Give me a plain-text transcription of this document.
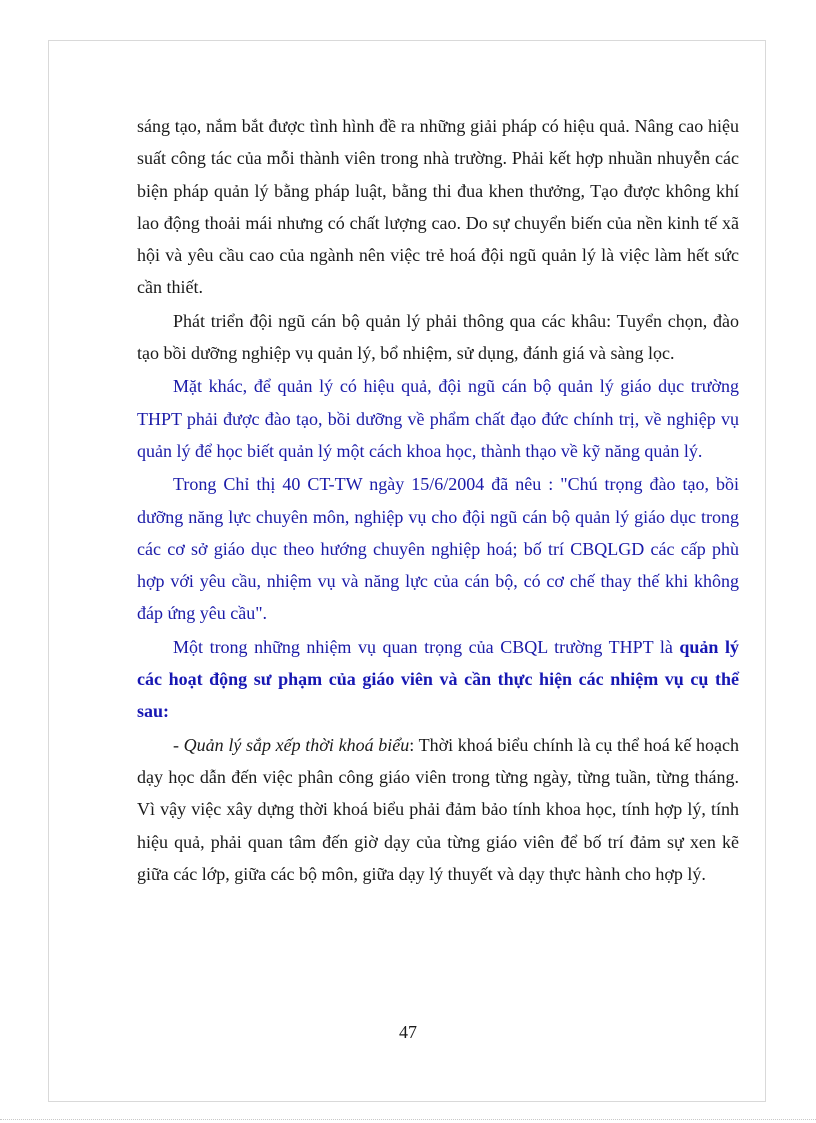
sáng tạo, nắm bắt được tình hình đề ra những giải pháp có hiệu quả. Nâng cao hiệu suất công tác của mỗi thành viên trong nhà trường. Phải kết hợp nhuần nhuyễn các biện pháp quản lý bằng pháp luật, bằng thi đua khen thưởng, Tạo được không khí lao động thoải mái nhưng có chất lượng cao. Do sự chuyển biến của nền kinh tế xã hội và yêu cầu cao của ngành nên việc trẻ hoá đội ngũ quản lý là việc làm hết sức cần thiết.

Phát triển đội ngũ cán bộ quản lý phải thông qua các khâu: Tuyển chọn, đào tạo bồi dưỡng nghiệp vụ quản lý, bổ nhiệm, sử dụng, đánh giá và sàng lọc.

Mặt khác, để quản lý có hiệu quả, đội ngũ cán bộ quản lý giáo dục trường THPT phải được đào tạo, bồi dưỡng về phẩm chất đạo đức chính trị, về nghiệp vụ quản lý để học biết quản lý một cách khoa học, thành thạo về kỹ năng quản lý.

Trong Chỉ thị 40 CT-TW ngày 15/6/2004 đã nêu : "Chú trọng đào tạo, bồi dưỡng năng lực chuyên môn, nghiệp vụ cho đội ngũ cán bộ quản lý giáo dục trong các cơ sở giáo dục theo hướng chuyên nghiệp hoá; bố trí CBQLGD các cấp phù hợp với yêu cầu, nhiệm vụ và năng lực của cán bộ, có cơ chế thay thế khi không đáp ứng yêu cầu".

Một trong những nhiệm vụ quan trọng của CBQL trường THPT là quản lý các hoạt động sư phạm của giáo viên và cần thực hiện các nhiệm vụ cụ thể sau:

- Quản lý sắp xếp thời khoá biểu: Thời khoá biểu chính là cụ thể hoá kế hoạch dạy học dẫn đến việc phân công giáo viên trong từng ngày, từng tuần, từng tháng. Vì vậy việc xây dựng thời khoá biểu phải đảm bảo tính khoa học, tính hợp lý, tính hiệu quả, phải quan tâm đến giờ dạy của từng giáo viên để bố trí đảm sự xen kẽ giữa các lớp, giữa các bộ môn, giữa dạy lý thuyết và dạy thực hành cho hợp lý.

47
